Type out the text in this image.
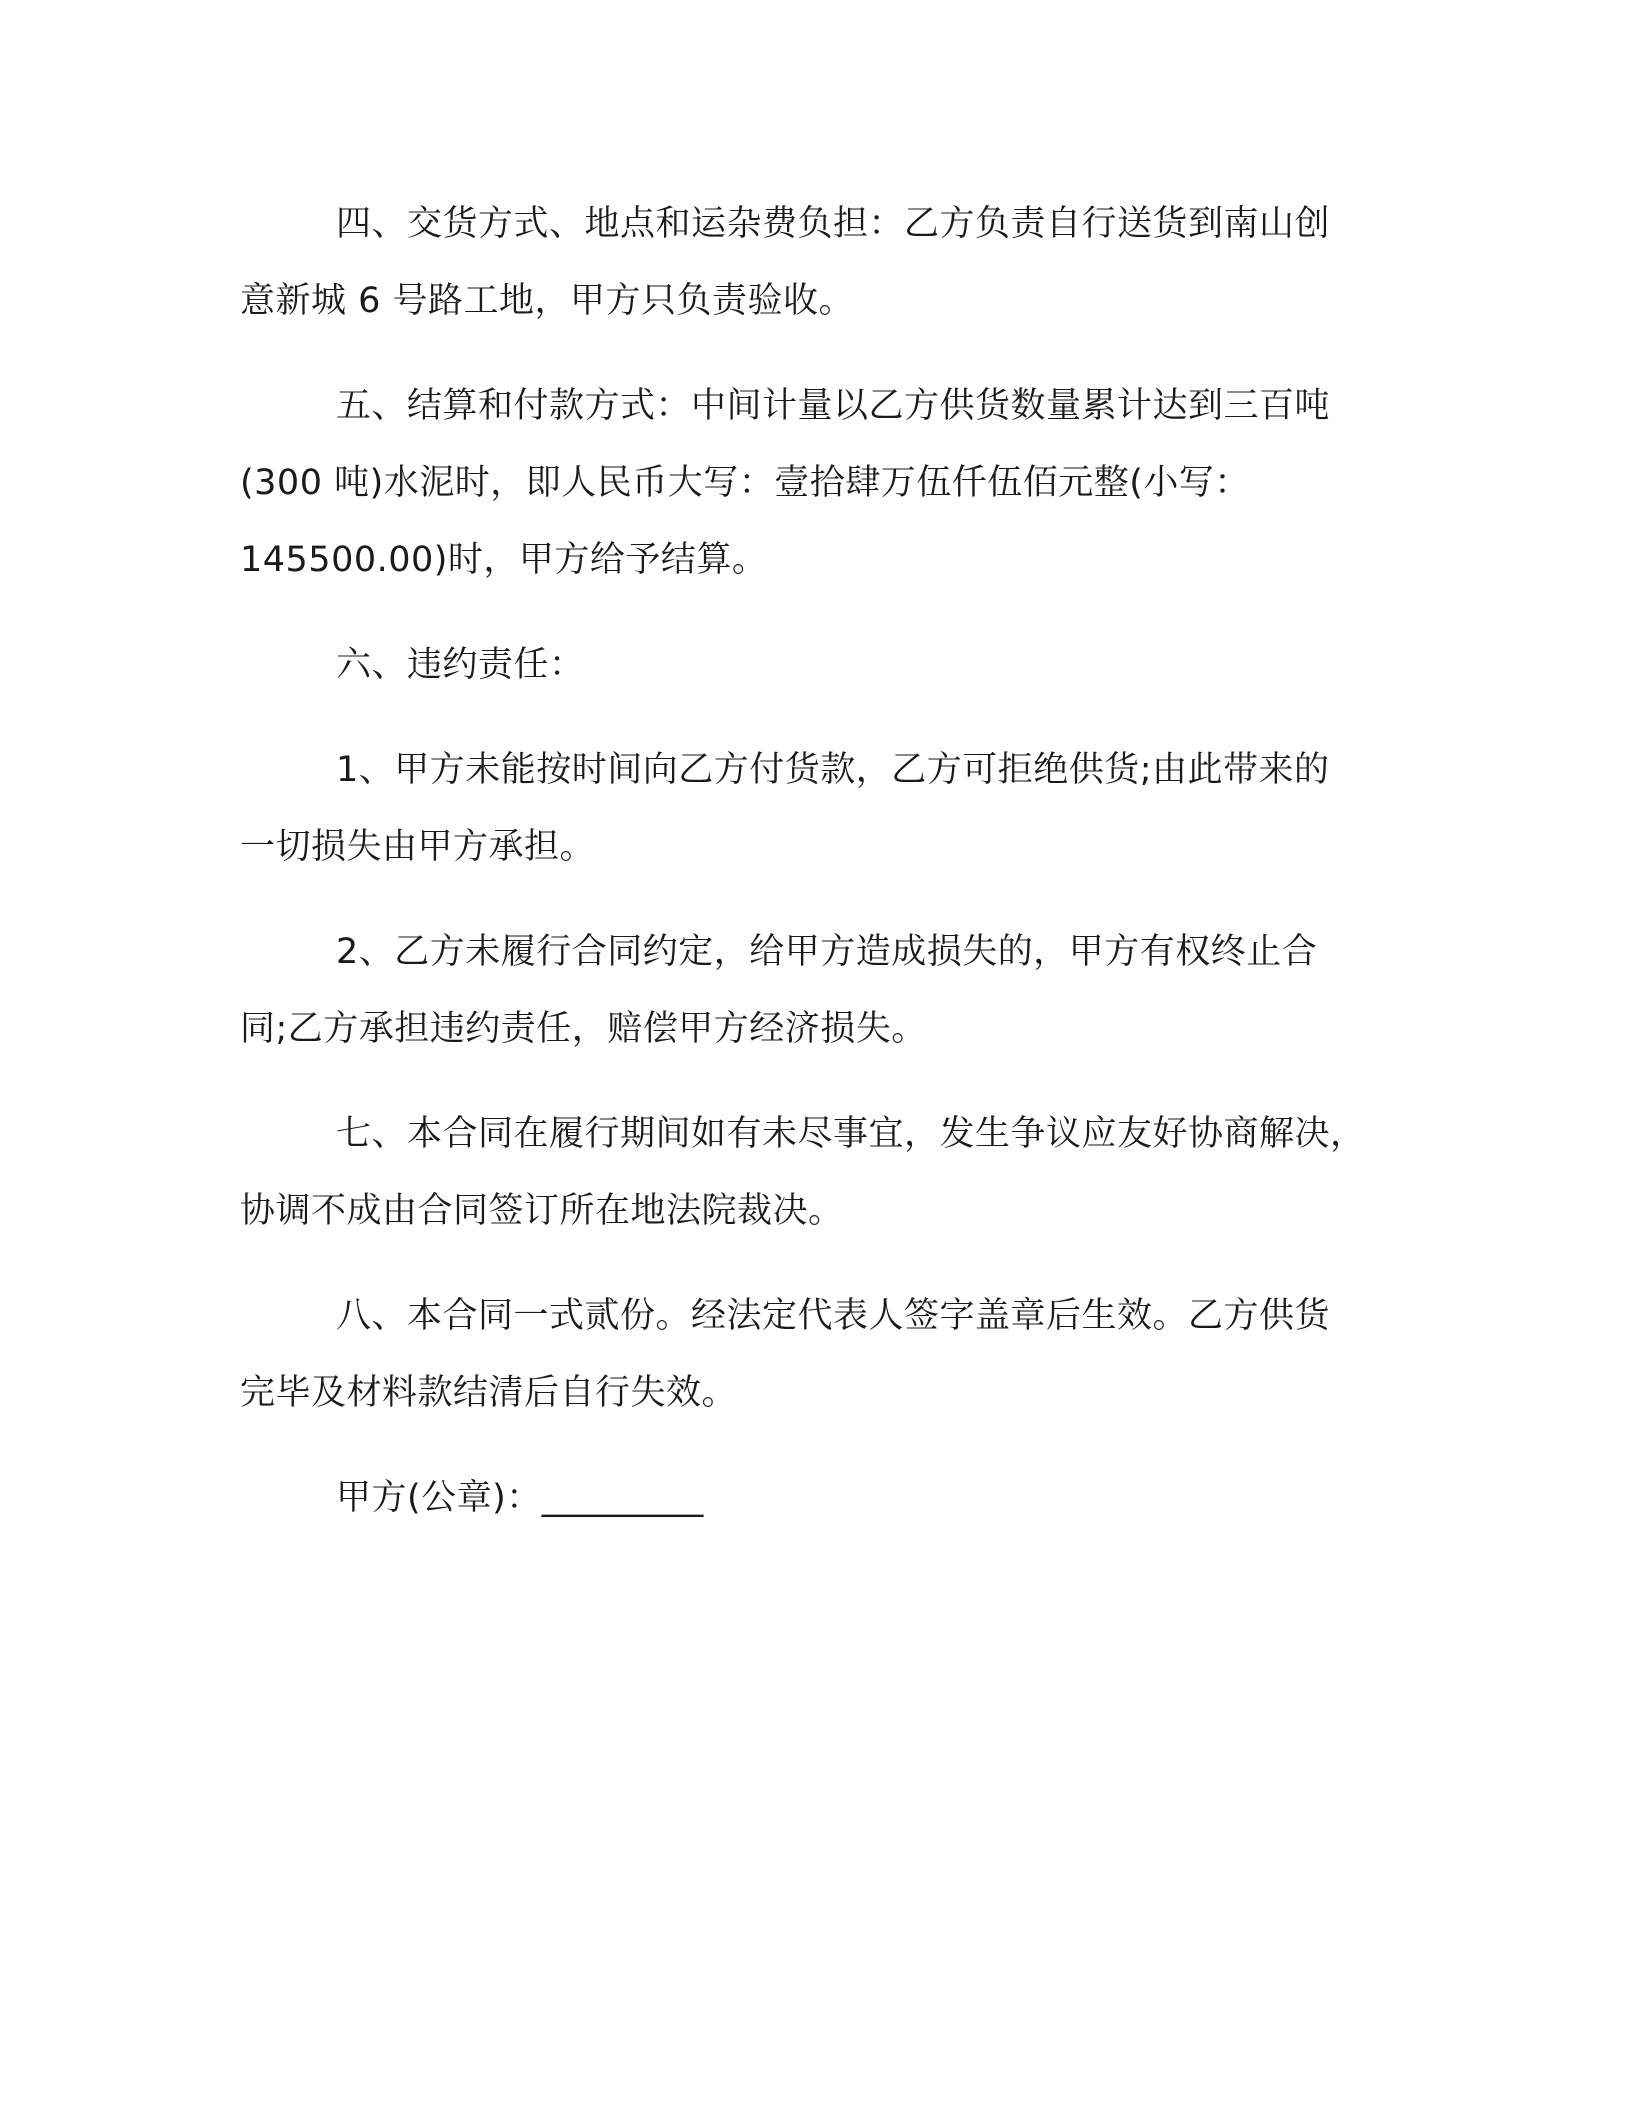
四、交货方式、地点和运杂费负担：乙方负责自行送货到南山创
意新城 6 号路工地，甲方只负责验收。

五、结算和付款方式：中间计量以乙方供货数量累计达到三百吨
(300 吨)水泥时，即人民币大写：壹拾肆万伍仟伍佰元整(小写：
145500.00)时，甲方给予结算。

六、违约责任：

1、甲方未能按时间向乙方付货款，乙方可拒绝供货;由此带来的
一切损失由甲方承担。

2、乙方未履行合同约定，给甲方造成损失的，甲方有权终止合
同;乙方承担违约责任，赔偿甲方经济损失。

七、本合同在履行期间如有未尽事宜，发生争议应友好协商解决，
协调不成由合同签订所在地法院裁决。

八、本合同一式贰份。经法定代表人签字盖章后生效。乙方供货
完毕及材料款结清后自行失效。

甲方(公章)：_________
